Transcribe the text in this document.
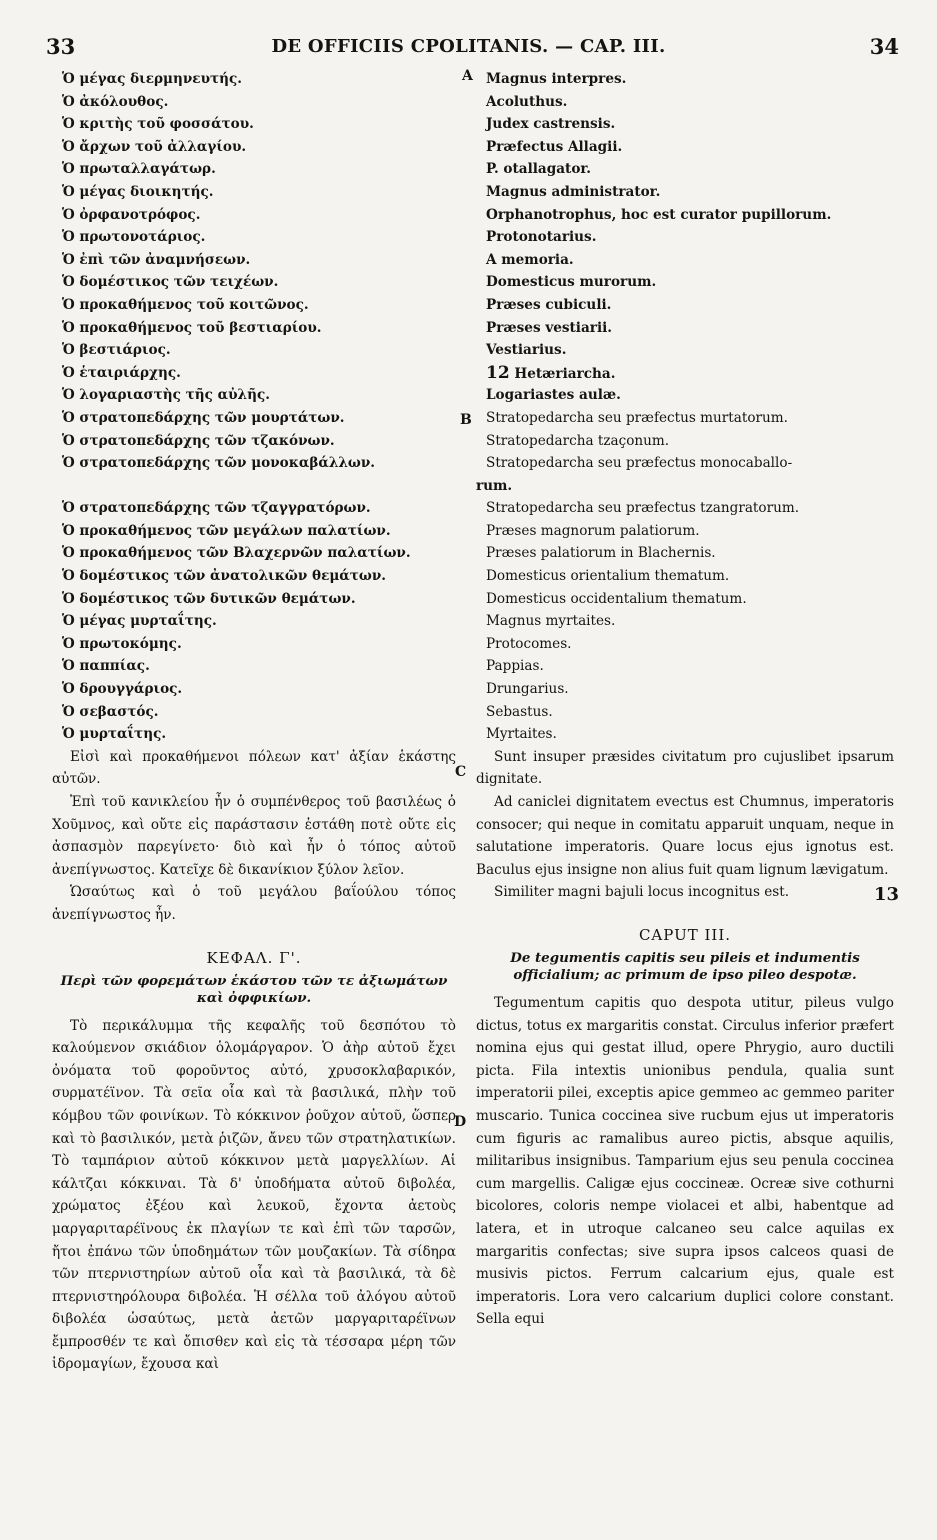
33	DE OFFICIIS CPOLITANIS. — CAP. III.	34
A
B
C
D
13
Ὁ μέγας διερμηνευτής.
Ὁ ἀκόλουθος.
Ὁ κριτὴς τοῦ φοσσάτου.
Ὁ ἄρχων τοῦ ἀλλαγίου.
Ὁ πρωταλλαγάτωρ.
Ὁ μέγας διοικητής.
Ὁ ὀρφανοτρόφος.
Ὁ πρωτονοτάριος.
Ὁ ἐπὶ τῶν ἀναμνήσεων.
Ὁ δομέστικος τῶν τειχέων.
Ὁ προκαθήμενος τοῦ κοιτῶνος.
Ὁ προκαθήμενος τοῦ βεστιαρίου.
Ὁ βεστιάριος.
Ὁ ἑταιριάρχης.
Ὁ λογαριαστὴς τῆς αὐλῆς.
Ὁ στρατοπεδάρχης τῶν μουρτάτων.
Ὁ στρατοπεδάρχης τῶν τζακόνων.
Ὁ στρατοπεδάρχης τῶν μονοκαβάλλων.
Ὁ στρατοπεδάρχης τῶν τζαγγρατόρων.
Ὁ προκαθήμενος τῶν μεγάλων παλατίων.
Ὁ προκαθήμενος τῶν Βλαχερνῶν παλατίων.
Ὁ δομέστικος τῶν ἀνατολικῶν θεμάτων.
Ὁ δομέστικος τῶν δυτικῶν θεμάτων.
Ὁ μέγας μυρταΐτης.
Ὁ πρωτοκόμης.
Ὁ παππίας.
Ὁ δρουγγάριος.
Ὁ σεβαστός.
Ὁ μυρταΐτης.

Εἰσὶ καὶ προκαθήμενοι πόλεων κατ' ἀξίαν ἑκάστης αὐτῶν.

Ἐπὶ τοῦ κανικλείου ἦν ὁ συμπένθερος τοῦ βασιλέως ὁ Χοῦμνος, καὶ οὔτε εἰς παράστασιν ἐστάθη ποτὲ οὔτε εἰς ἀσπασμὸν παρεγίνετο· διὸ καὶ ἦν ὁ τόπος αὐτοῦ ἀνεπίγνωστος. Κατεῖχε δὲ δικανίκιον ξύλον λεῖον.

Ὡσαύτως καὶ ὁ τοῦ μεγάλου βαΐούλου τόπος ἀνεπίγνωστος ἦν.

ΚΕΦΑΛ. Γ'.
Περὶ τῶν φορεμάτων ἑκάστου τῶν τε ἀξιωμάτων καὶ ὀφφικίων.

Τὸ περικάλυμμα τῆς κεφαλῆς τοῦ δεσπότου τὸ καλούμενον σκιάδιον ὁλομάργαρον. Ὁ ἀὴρ αὐτοῦ ἔχει ὀνόματα τοῦ φοροῦντος αὐτό, χρυσοκλαβαρικόν, συρματέϊνον. Τὰ σεῖα οἷα καὶ τὰ βασιλικά, πλὴν τοῦ κόμβου τῶν φοινίκων. Τὸ κόκκινον ῥοῦχον αὐτοῦ, ὥσπερ καὶ τὸ βασιλικόν, μετὰ ῥιζῶν, ἄνευ τῶν στρατηλατικίων. Τὸ ταμπάριον αὐτοῦ κόκκινον μετὰ μαργελλίων. Αἱ κάλτζαι κόκκιναι. Τὰ δ' ὑποδήματα αὐτοῦ διβολέα, χρώματος ἐξέου καὶ λευκοῦ, ἔχοντα ἀετοὺς μαργαριταρέϊνους ἐκ πλαγίων τε καὶ ἐπὶ τῶν ταρσῶν, ἤτοι ἐπάνω τῶν ὑποδημάτων τῶν μουζακίων. Τὰ σίδηρα τῶν πτερνιστηρίων αὐτοῦ οἷα καὶ τὰ βασιλικά, τὰ δὲ πτερνιστηρόλουρα διβολέα. Ἡ σέλλα τοῦ ἀλόγου αὐτοῦ διβολέα ὡσαύτως, μετὰ ἀετῶν μαργαριταρέϊνων ἔμπροσθέν τε καὶ ὄπισθεν καὶ εἰς τὰ τέσσαρα μέρη τῶν ἱδρομαγίων, ἔχουσα καὶ

Magnus interpres.
Acoluthus.
Judex castrensis.
Præfectus Allagii.
P. otallagator.
Magnus administrator.
Orphanotrophus, hoc est curator pupillorum.
Protonotarius.
A memoria.
Domesticus murorum.
Præses cubiculi.
Præses vestiarii.
Vestiarius.
12 Hetæriarcha.
Logariastes aulæ.
Stratopedarcha seu præfectus murtatorum.
Stratopedarcha tzaçonum.
Stratopedarcha seu præfectus monocaballo-
rum.
Stratopedarcha seu præfectus tzangratorum.
Præses magnorum palatiorum.
Præses palatiorum in Blachernis.
Domesticus orientalium thematum.
Domesticus occidentalium thematum.
Magnus myrtaites.
Protocomes.
Pappias.
Drungarius.
Sebastus.
Myrtaites.

Sunt insuper præsides civitatum pro cujuslibet ipsarum dignitate.

Ad caniclei dignitatem evectus est Chumnus, imperatoris consocer; qui neque in comitatu apparuit unquam, neque in salutatione imperatoris. Quare locus ejus ignotus est. Baculus ejus insigne non alius fuit quam lignum lævigatum.

Similiter magni bajuli locus incognitus est.

CAPUT III.
De tegumentis capitis seu pileis et indumentis officialium; ac primum de ipso pileo despotæ.

Tegumentum capitis quo despota utitur, pileus vulgo dictus, totus ex margaritis constat. Circulus inferior præfert nomina ejus qui gestat illud, opere Phrygio, auro ductili picta. Fila intextis unionibus pendula, qualia sunt imperatorii pilei, exceptis apice gemmeo ac gemmeo pariter muscario. Tunica coccinea sive rucbum ejus ut imperatoris cum figuris ac ramalibus aureo pictis, absque aquilis, militaribus insignibus. Tamparium ejus seu penula coccinea cum margellis. Caligæ ejus coccineæ. Ocreæ sive cothurni bicolores, coloris nempe violacei et albi, habentque ad latera, et in utroque calcaneo seu calce aquilas ex margaritis confectas; sive supra ipsos calceos quasi de musivis pictos. Ferrum calcarium ejus, quale est imperatoris. Lora vero calcarium duplici colore constant. Sella equi
